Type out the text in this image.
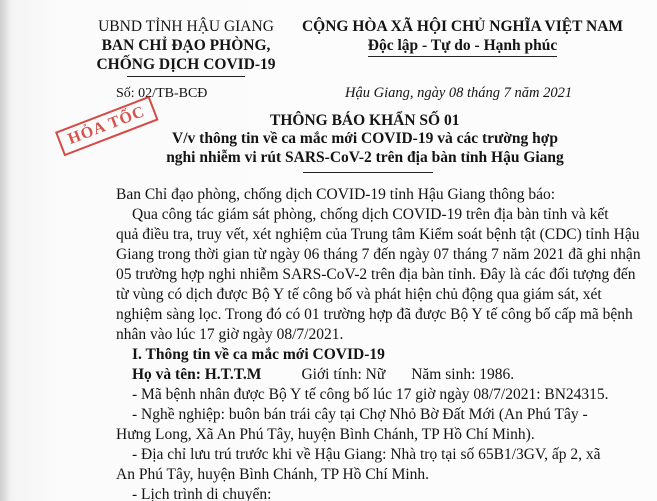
UBND TỈNH HẬU GIANG
BAN CHỈ ĐẠO PHÒNG,
CHỐNG DỊCH COVID-19
Số: 02/TB-BCĐ
CỘNG HÒA XÃ HỘI CHỦ NGHĨA VIỆT NAM
Độc lập - Tự do - Hạnh phúc
Hậu Giang, ngày 08 tháng 7 năm 2021
HỎA TỐC	THÔNG BÁO KHẨN SỐ 01
V/v thông tin về ca mắc mới COVID-19 và các trường hợp
nghi nhiễm vi rút SARS-CoV-2 trên địa bàn tỉnh Hậu Giang

Ban Chỉ đạo phòng, chống dịch COVID-19 tỉnh Hậu Giang thông báo:

Qua công tác giám sát phòng, chống dịch COVID-19 trên địa bàn tỉnh và kết

quả điều tra, truy vết, xét nghiệm của Trung tâm Kiểm soát bệnh tật (CDC) tỉnh Hậu

Giang trong thời gian từ ngày 06 tháng 7 đến ngày 07 tháng 7 năm 2021 đã ghi nhận

05 trường hợp nghi nhiễm SARS-CoV-2 trên địa bàn tỉnh. Đây là các đối tượng đến

từ vùng có dịch được Bộ Y tế công bố và phát hiện chủ động qua giám sát, xét

nghiệm sàng lọc. Trong đó có 01 trường hợp đã được Bộ Y tế công bố cấp mã bệnh

nhân vào lúc 17 giờ ngày 08/7/2021.

I. Thông tin về ca mắc mới COVID-19

Họ và tên: H.T.T.M	Giới tính: Nữ Năm sinh: 1986.

- Mã bệnh nhân được Bộ Y tế công bố lúc 17 giờ ngày 08/7/2021: BN24315.

- Nghề nghiệp: buôn bán trái cây tại Chợ Nhỏ Bờ Đất Mới (An Phú Tây -

Hưng Long, Xã An Phú Tây, huyện Bình Chánh, TP Hồ Chí Minh).

- Địa chỉ lưu trú trước khi về Hậu Giang: Nhà trọ tại số 65B1/3GV, ấp 2, xã

An Phú Tây, huyện Bình Chánh, TP Hồ Chí Minh.

- Lịch trình di chuyển:
